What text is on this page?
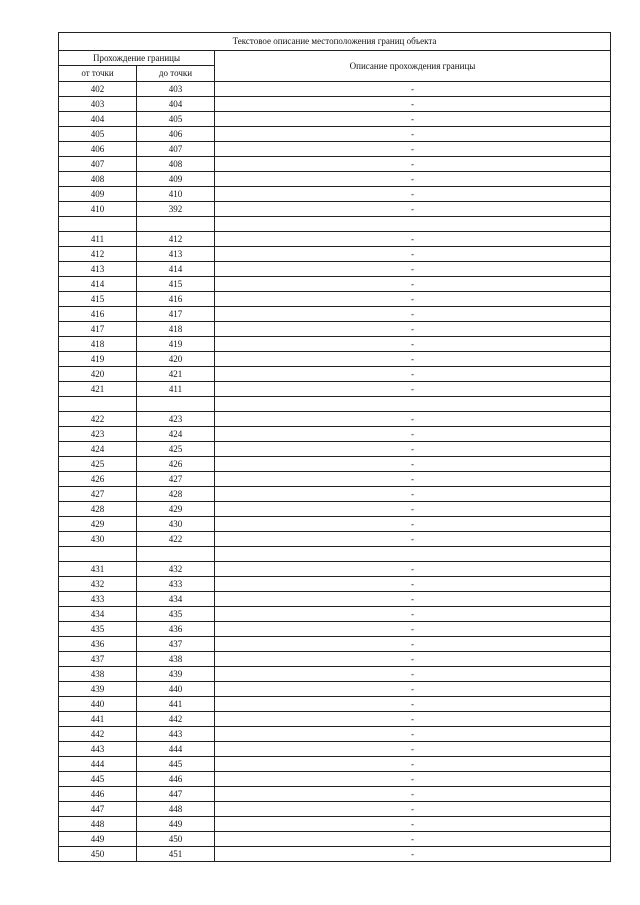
Текстовое описание местоположения границ объекта		
Прохождение границы		Описание прохождения границы
от точки	до точки	
402	403	-
403	404	-
404	405	-
405	406	-
406	407	-
407	408	-
408	409	-
409	410	-
410	392	-

411	412	-
412	413	-
413	414	-
414	415	-
415	416	-
416	417	-
417	418	-
418	419	-
419	420	-
420	421	-
421	411	-

422	423	-
423	424	-
424	425	-
425	426	-
426	427	-
427	428	-
428	429	-
429	430	-
430	422	-

431	432	-
432	433	-
433	434	-
434	435	-
435	436	-
436	437	-
437	438	-
438	439	-
439	440	-
440	441	-
441	442	-
442	443	-
443	444	-
444	445	-
445	446	-
446	447	-
447	448	-
448	449	-
449	450	-
450	451	-
